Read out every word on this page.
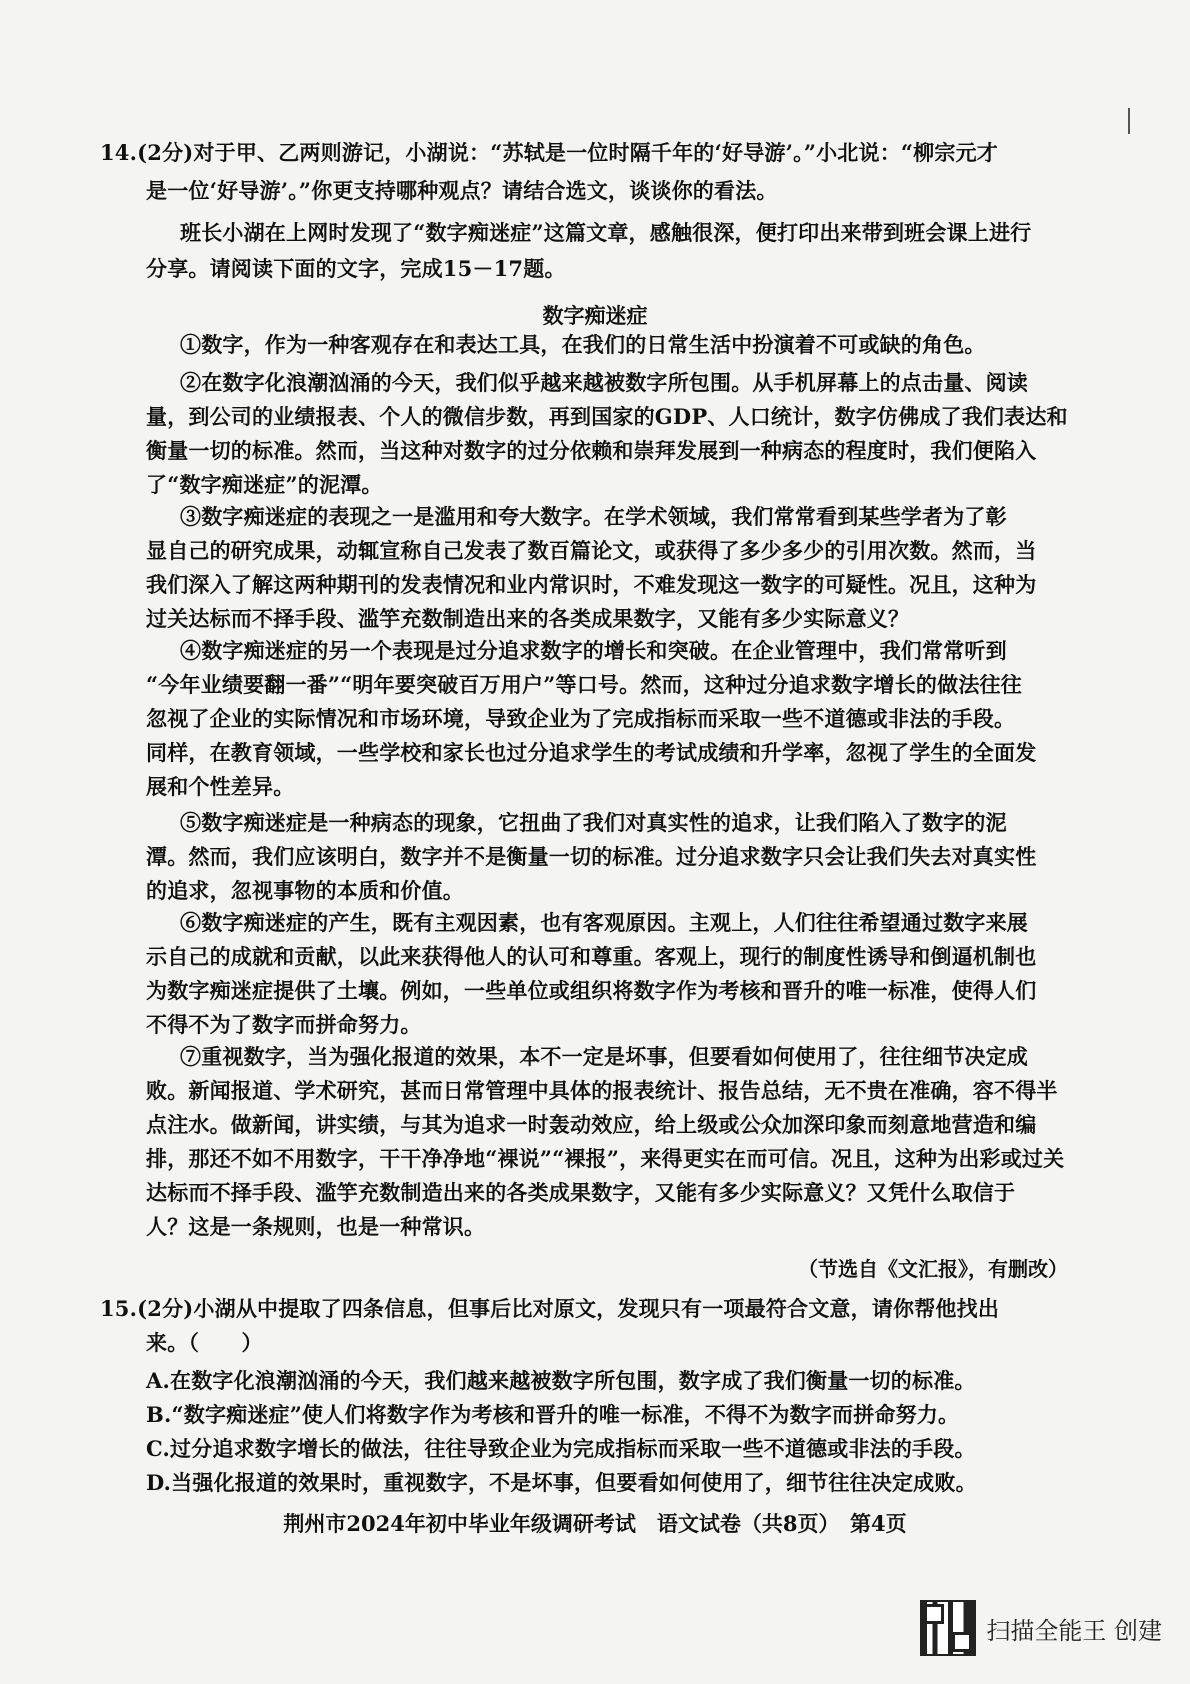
14.(2分)对于甲、乙两则游记，小湖说：“苏轼是一位时隔千年的‘好导游’。”小北说：“柳宗元才
是一位‘好导游’。”你更支持哪种观点？请结合选文，谈谈你的看法。
班长小湖在上网时发现了“数字痴迷症”这篇文章，感触很深，便打印出来带到班会课上进行
分享。请阅读下面的文字，完成15－17题。
数字痴迷症
①数字，作为一种客观存在和表达工具，在我们的日常生活中扮演着不可或缺的角色。
②在数字化浪潮汹涌的今天，我们似乎越来越被数字所包围。从手机屏幕上的点击量、阅读
量，到公司的业绩报表、个人的微信步数，再到国家的GDP、人口统计，数字仿佛成了我们表达和
衡量一切的标准。然而，当这种对数字的过分依赖和崇拜发展到一种病态的程度时，我们便陷入
了“数字痴迷症”的泥潭。
③数字痴迷症的表现之一是滥用和夸大数字。在学术领域，我们常常看到某些学者为了彰
显自己的研究成果，动辄宣称自己发表了数百篇论文，或获得了多少多少的引用次数。然而，当
我们深入了解这两种期刊的发表情况和业内常识时，不难发现这一数字的可疑性。况且，这种为
过关达标而不择手段、滥竽充数制造出来的各类成果数字，又能有多少实际意义？
④数字痴迷症的另一个表现是过分追求数字的增长和突破。在企业管理中，我们常常听到
“今年业绩要翻一番”“明年要突破百万用户”等口号。然而，这种过分追求数字增长的做法往往
忽视了企业的实际情况和市场环境，导致企业为了完成指标而采取一些不道德或非法的手段。
同样，在教育领域，一些学校和家长也过分追求学生的考试成绩和升学率，忽视了学生的全面发
展和个性差异。
⑤数字痴迷症是一种病态的现象，它扭曲了我们对真实性的追求，让我们陷入了数字的泥
潭。然而，我们应该明白，数字并不是衡量一切的标准。过分追求数字只会让我们失去对真实性
的追求，忽视事物的本质和价值。
⑥数字痴迷症的产生，既有主观因素，也有客观原因。主观上，人们往往希望通过数字来展
示自己的成就和贡献，以此来获得他人的认可和尊重。客观上，现行的制度性诱导和倒逼机制也
为数字痴迷症提供了土壤。例如，一些单位或组织将数字作为考核和晋升的唯一标准，使得人们
不得不为了数字而拼命努力。
⑦重视数字，当为强化报道的效果，本不一定是坏事，但要看如何使用了，往往细节决定成
败。新闻报道、学术研究，甚而日常管理中具体的报表统计、报告总结，无不贵在准确，容不得半
点注水。做新闻，讲实绩，与其为追求一时轰动效应，给上级或公众加深印象而刻意地营造和编
排，那还不如不用数字，干干净净地“裸说”“裸报”，来得更实在而可信。况且，这种为出彩或过关
达标而不择手段、滥竽充数制造出来的各类成果数字，又能有多少实际意义？又凭什么取信于
人？这是一条规则，也是一种常识。
（节选自《文汇报》，有删改）
15.(2分)小湖从中提取了四条信息，但事后比对原文，发现只有一项最符合文意，请你帮他找出
来。（　　）
A.在数字化浪潮汹涌的今天，我们越来越被数字所包围，数字成了我们衡量一切的标准。
B.“数字痴迷症”使人们将数字作为考核和晋升的唯一标准，不得不为数字而拼命努力。
C.过分追求数字增长的做法，往往导致企业为完成指标而采取一些不道德或非法的手段。
D.当强化报道的效果时，重视数字，不是坏事，但要看如何使用了，细节往往决定成败。
荆州市2024年初中毕业年级调研考试　语文试卷（共8页）　第4页
扫描全能王 创建
